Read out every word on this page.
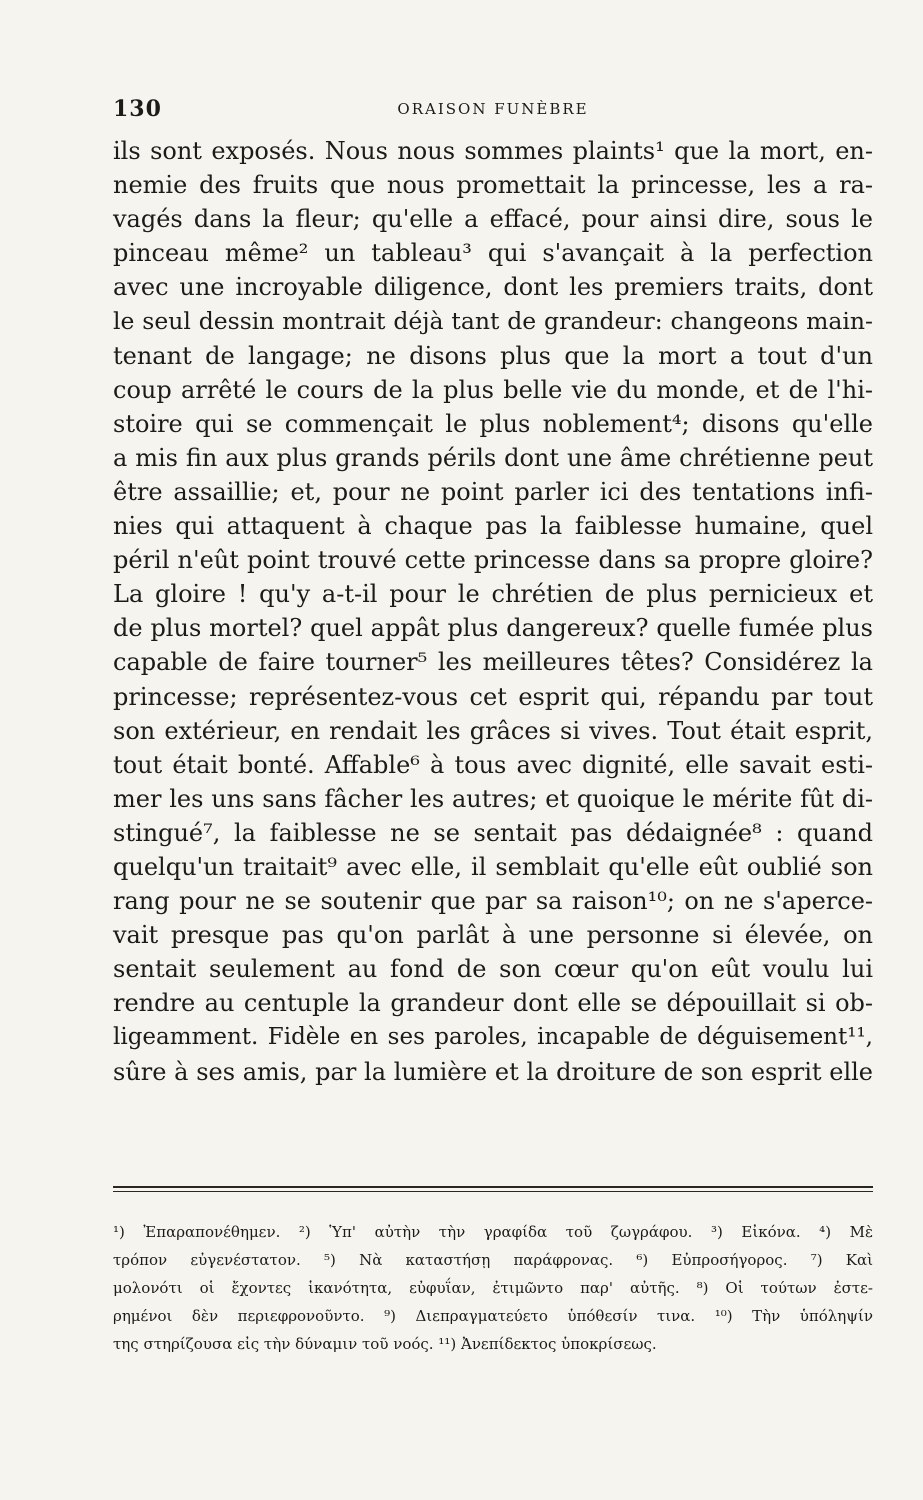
130	ORAISON FUNÈBRE
ils sont exposés. Nous nous sommes plaints¹ que la mort, en-
nemie des fruits que nous promettait la princesse, les a ra-
vagés dans la fleur; qu'elle a effacé, pour ainsi dire, sous le
pinceau même² un tableau³ qui s'avançait à la perfection
avec une incroyable diligence, dont les premiers traits, dont
le seul dessin montrait déjà tant de grandeur: changeons main-
tenant de langage; ne disons plus que la mort a tout d'un
coup arrêté le cours de la plus belle vie du monde, et de l'hi-
stoire qui se commençait le plus noblement⁴; disons qu'elle
a mis fin aux plus grands périls dont une âme chrétienne peut
être assaillie; et, pour ne point parler ici des tentations infi-
nies qui attaquent à chaque pas la faiblesse humaine, quel
péril n'eût point trouvé cette princesse dans sa propre gloire?
La gloire ! qu'y a-t-il pour le chrétien de plus pernicieux et
de plus mortel? quel appât plus dangereux? quelle fumée plus
capable de faire tourner⁵ les meilleures têtes? Considérez la
princesse; représentez-vous cet esprit qui, répandu par tout
son extérieur, en rendait les grâces si vives. Tout était esprit,
tout était bonté. Affable⁶ à tous avec dignité, elle savait esti-
mer les uns sans fâcher les autres; et quoique le mérite fût di-
stingué⁷, la faiblesse ne se sentait pas dédaignée⁸ : quand
quelqu'un traitait⁹ avec elle, il semblait qu'elle eût oublié son
rang pour ne se soutenir que par sa raison¹⁰; on ne s'aperce-
vait presque pas qu'on parlât à une personne si élevée, on
sentait seulement au fond de son cœur qu'on eût voulu lui
rendre au centuple la grandeur dont elle se dépouillait si ob-
ligeamment. Fidèle en ses paroles, incapable de déguisement¹¹,
sûre à ses amis, par la lumière et la droiture de son esprit elle
¹) Ἐπαραπονέθημεν. ²) Ὑπ' αὐτὴν τὴν γραφίδα τοῦ ζωγράφου. ³) Εἰκόνα. ⁴) Μὲ
τρόπον εὐγενέστατον. ⁵) Νὰ καταστήσῃ παράφρονας. ⁶) Εὐπροσήγορος. ⁷) Καὶ
μολονότι οἱ ἔχοντες ἱκανότητα, εὐφυΐαν, ἐτιμῶντο παρ' αὐτῆς. ⁸) Οἱ τούτων ἐστε-
ρημένοι δὲν περιεφρονοῦντο. ⁹) Διεπραγματεύετο ὑπόθεσίν τινα. ¹⁰) Τὴν ὑπόληψίν
της στηρίζουσα εἰς τὴν δύναμιν τοῦ νοός. ¹¹) Ἀνεπίδεκτος ὑποκρίσεως.
